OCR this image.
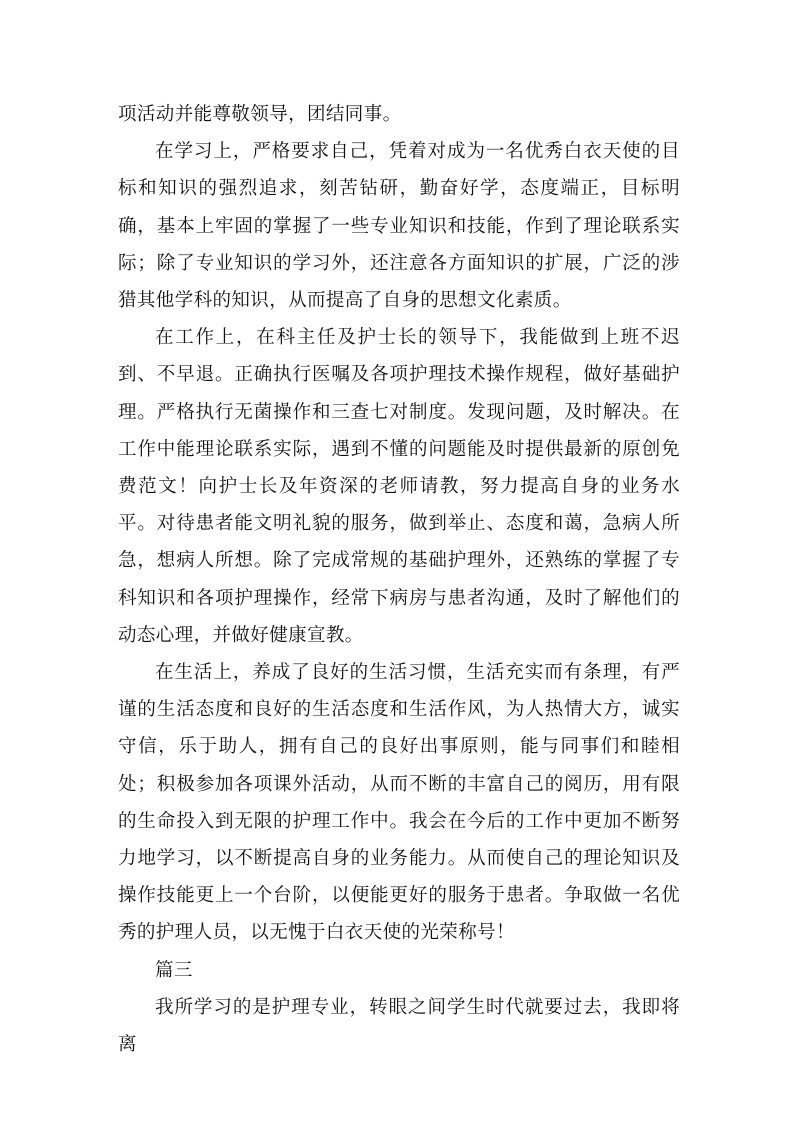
项活动并能尊敬领导，团结同事。

在学习上，严格要求自己，凭着对成为一名优秀白衣天使的目标和知识的强烈追求，刻苦钻研，勤奋好学，态度端正，目标明确，基本上牢固的掌握了一些专业知识和技能，作到了理论联系实际；除了专业知识的学习外，还注意各方面知识的扩展，广泛的涉猎其他学科的知识，从而提高了自身的思想文化素质。

在工作上，在科主任及护士长的领导下，我能做到上班不迟到、不早退。正确执行医嘱及各项护理技术操作规程，做好基础护理。严格执行无菌操作和三查七对制度。发现问题，及时解决。在工作中能理论联系实际，遇到不懂的问题能及时提供最新的原创免费范文！向护士长及年资深的老师请教，努力提高自身的业务水平。对待患者能文明礼貌的服务，做到举止、态度和蔼，急病人所急，想病人所想。除了完成常规的基础护理外，还熟练的掌握了专科知识和各项护理操作，经常下病房与患者沟通，及时了解他们的动态心理，并做好健康宣教。

在生活上，养成了良好的生活习惯，生活充实而有条理，有严谨的生活态度和良好的生活态度和生活作风，为人热情大方，诚实守信，乐于助人，拥有自己的良好出事原则，能与同事们和睦相处；积极参加各项课外活动，从而不断的丰富自己的阅历，用有限的生命投入到无限的护理工作中。我会在今后的工作中更加不断努力地学习，以不断提高自身的业务能力。从而使自己的理论知识及操作技能更上一个台阶，以便能更好的服务于患者。争取做一名优秀的护理人员，以无愧于白衣天使的光荣称号！

篇三

我所学习的是护理专业，转眼之间学生时代就要过去，我即将离
